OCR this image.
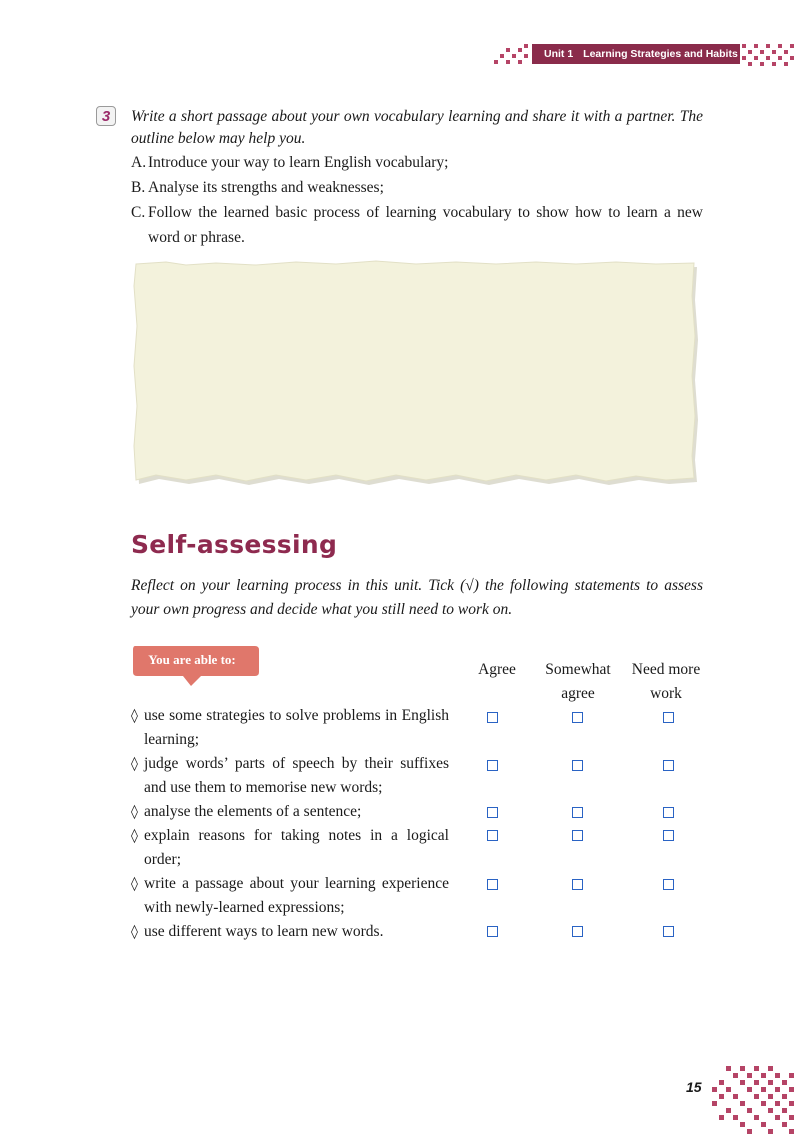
Unit 1 Learning Strategies and Habits
3	Write a short passage about your own vocabulary learning and share it with a partner. The outline below may help you.
A. Introduce your way to learn English vocabulary;
B. Analyse its strengths and weaknesses;
C. Follow the learned basic process of learning vocabulary to show how to learn a new word or phrase.
Self-assessing
Reflect on your learning process in this unit. Tick (√) the following statements to assess your own progress and decide what you still need to work on.
You are able to:
Agree	Somewhat agree
Need more work
◊ use some strategies to solve problems in English learning;
◊ judge words’ parts of speech by their suffixes and use them to memorise new words;
◊ analyse the elements of a sentence;
◊ explain reasons for taking notes in a logical order;
◊ write a passage about your learning experience with newly-learned expressions;
◊ use different ways to learn new words.
15
